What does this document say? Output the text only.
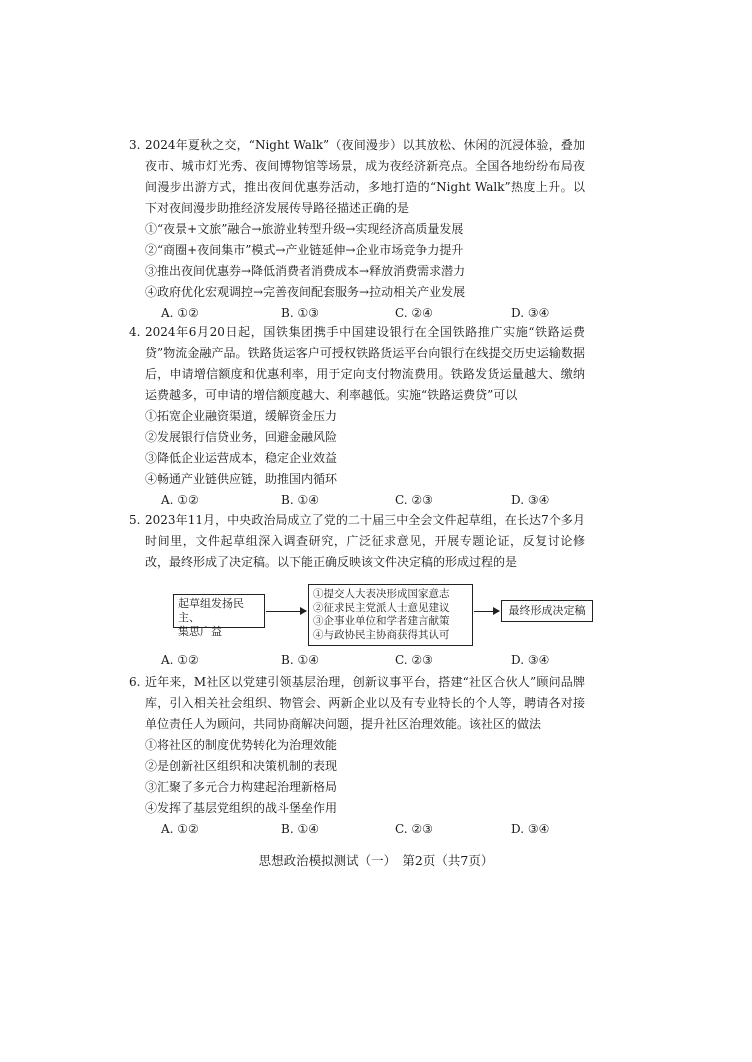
3. 2024年夏秋之交，“Night Walk”（夜间漫步）以其放松、休闲的沉浸体验，叠加夜市、城市灯光秀、夜间博物馆等场景，成为夜经济新亮点。全国各地纷纷布局夜间漫步出游方式，推出夜间优惠券活动，多地打造的“Night Walk”热度上升。以下对夜间漫步助推经济发展传导路径描述正确的是

①“夜景+文旅”融合→旅游业转型升级→实现经济高质量发展

②“商圈+夜间集市”模式→产业链延伸→企业市场竞争力提升

③推出夜间优惠券→降低消费者消费成本→释放消费需求潜力

④政府优化宏观调控→完善夜间配套服务→拉动相关产业发展

A. ①②	B. ①③	C. ②④	D. ③④
4. 2024年6月20日起，国铁集团携手中国建设银行在全国铁路推广实施“铁路运费贷”物流金融产品。铁路货运客户可授权铁路货运平台向银行在线提交历史运输数据后，申请增信额度和优惠利率，用于定向支付物流费用。铁路发货运量越大、缴纳运费越多，可申请的增信额度越大、利率越低。实施“铁路运费贷”可以

①拓宽企业融资渠道，缓解资金压力

②发展银行信贷业务，回避金融风险

③降低企业运营成本，稳定企业效益

④畅通产业链供应链，助推国内循环

A. ①②	B. ①④	C. ②③	D. ③④
5. 2023年11月，中央政治局成立了党的二十届三中全会文件起草组，在长达7个多月时间里，文件起草组深入调查研究，广泛征求意见，开展专题论证，反复讨论修改，最终形成了决定稿。以下能正确反映该文件决定稿的形成过程的是

起草组发扬民主、
集思广益
①提交人大表决形成国家意志
②征求民主党派人士意见建议
③企事业单位和学者建言献策
④与政协民主协商获得其认可
最终形成决定稿
A. ①②	B. ①④	C. ②③	D. ③④
6. 近年来，M社区以党建引领基层治理，创新议事平台，搭建“社区合伙人”顾问品牌库，引入相关社会组织、物管会、两新企业以及有专业特长的个人等，聘请各对接单位责任人为顾问，共同协商解决问题，提升社区治理效能。该社区的做法

①将社区的制度优势转化为治理效能

②是创新社区组织和决策机制的表现

③汇聚了多元合力构建起治理新格局

④发挥了基层党组织的战斗堡垒作用

A. ①②	B. ①④	C. ②③	D. ③④
思想政治模拟测试（一）　第2页（共7页）
